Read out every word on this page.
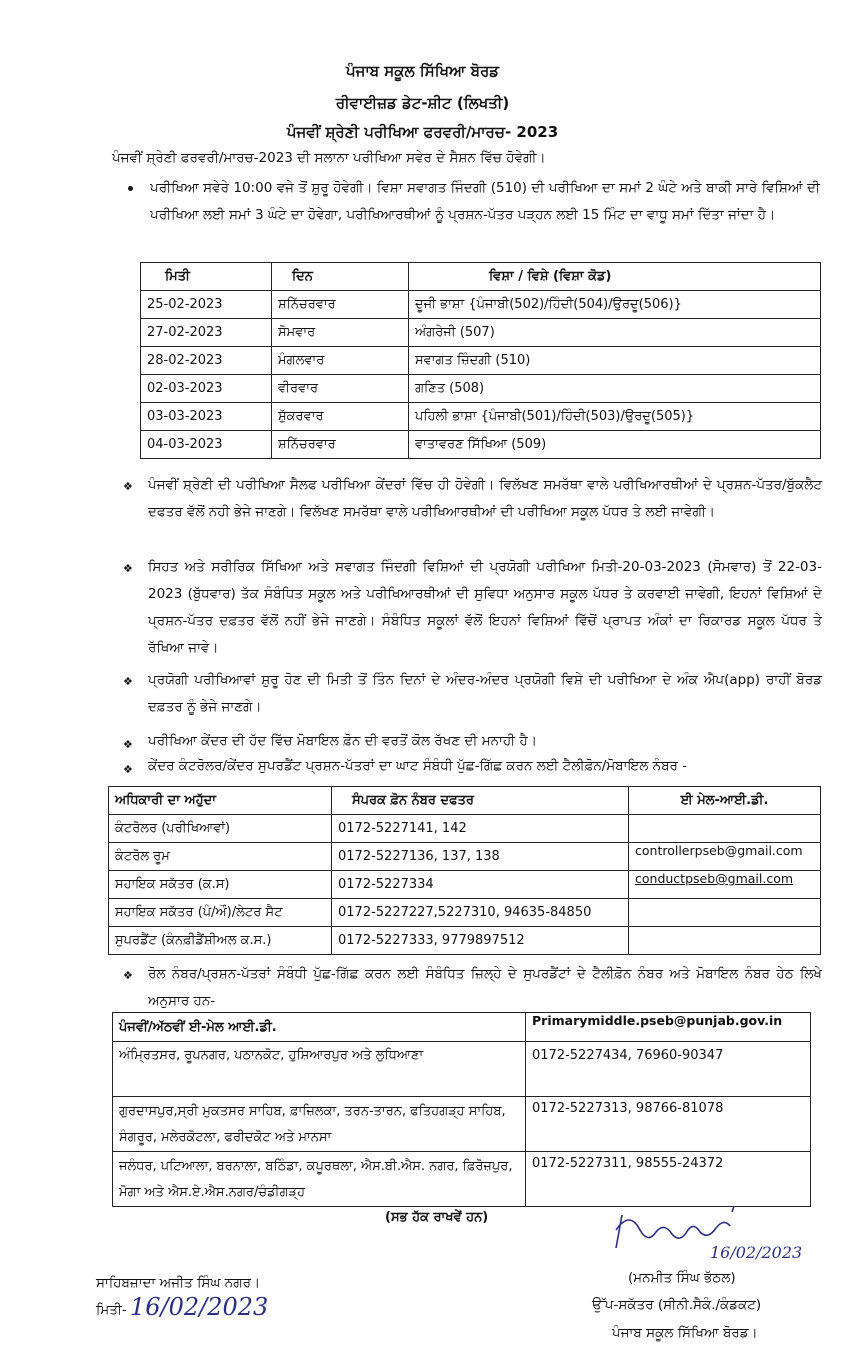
ਪੰਜਾਬ ਸਕੂਲ ਸਿੱਖਿਆ ਬੋਰਡ
ਰੀਵਾਈਜ਼ਡ ਡੇਟ-ਸ਼ੀਟ (ਲਿਖਤੀ)
ਪੰਜਵੀਂ ਸ਼੍ਰੇਣੀ ਪਰੀਖਿਆ ਫਰਵਰੀ/ਮਾਰਚ- 2023
ਪੰਜਵੀਂ ਸ਼੍ਰੇਣੀ ਫਰਵਰੀ/ਮਾਰਚ-2023 ਦੀ ਸਲਾਨਾ ਪਰੀਖਿਆ ਸਵੇਰ ਦੇ ਸੈਸ਼ਨ ਵਿੱਚ ਹੋਵੇਗੀ।
ਪਰੀਖਿਆ ਸਵੇਰੇ 10:00 ਵਜੇ ਤੋਂ ਸ਼ੁਰੂ ਹੋਵੇਗੀ। ਵਿਸ਼ਾ ਸਵਾਗਤ ਜਿੰਦਗੀ (510) ਦੀ ਪਰੀਖਿਆ ਦਾ ਸਮਾਂ 2 ਘੰਟੇ ਅਤੇ ਬਾਕੀ ਸਾਰੇ ਵਿਸ਼ਿਆਂ ਦੀ ਪਰੀਖਿਆ ਲਈ ਸਮਾਂ 3 ਘੰਟੇ ਦਾ ਹੋਵੇਗਾ, ਪਰੀਖਿਆਰਥੀਆਂ ਨੂੰ ਪ੍ਰਸ਼ਨ-ਪੱਤਰ ਪੜ੍ਹਨ ਲਈ 15 ਮਿੰਟ ਦਾ ਵਾਧੂ ਸਮਾਂ ਦਿੱਤਾ ਜਾਂਦਾ ਹੈ।
ਮਿਤੀ	ਦਿਨ	ਵਿਸ਼ਾ / ਵਿਸ਼ੇ (ਵਿਸ਼ਾ ਕੋਡ)
25-02-2023	ਸ਼ਨਿੱਚਰਵਾਰ	ਦੂਜੀ ਭਾਸ਼ਾ {ਪੰਜਾਬੀ(502)/ਹਿੰਦੀ(504)/ਉਰਦੂ(506)}
27-02-2023	ਸੋਮਵਾਰ	ਅੰਗਰੇਜੀ (507)
28-02-2023	ਮੰਗਲਵਾਰ	ਸਵਾਗਤ ਜ਼ਿੰਦਗੀ (510)
02-03-2023	ਵੀਰਵਾਰ	ਗਣਿਤ (508)
03-03-2023	ਸ਼ੁੱਕਰਵਾਰ	ਪਹਿਲੀ ਭਾਸ਼ਾ {ਪੰਜਾਬੀ(501)/ਹਿੰਦੀ(503)/ਉਰਦੂ(505)}
04-03-2023	ਸ਼ਨਿੱਚਰਵਾਰ	ਵਾਤਾਵਰਣ ਸਿੱਖਿਆ (509)
❖ ਪੰਜਵੀਂ ਸ਼੍ਰੇਣੀ ਦੀ ਪਰੀਖਿਆ ਸੈਲਫ ਪਰੀਖਿਆ ਕੇਂਦਰਾਂ ਵਿੱਚ ਹੀ ਹੋਵੇਗੀ। ਵਿਲੱਖਣ ਸਮਰੱਥਾ ਵਾਲੇ ਪਰੀਖਿਆਰਥੀਆਂ ਦੇ ਪ੍ਰਸ਼ਨ-ਪੱਤਰ/ਬੁੱਕਲੈਟ ਦਫਤਰ ਵੱਲੋਂ ਨਹੀ ਭੇਜੇ ਜਾਣਗੇ। ਵਿਲੱਖਣ ਸਮਰੱਥਾ ਵਾਲੇ ਪਰੀਖਿਆਰਥੀਆਂ ਦੀ ਪਰੀਖਿਆ ਸਕੂਲ ਪੱਧਰ ਤੇ ਲਈ ਜਾਵੇਗੀ।
❖ ਸਿਹਤ ਅਤੇ ਸਰੀਰਿਕ ਸਿੱਖਿਆ ਅਤੇ ਸਵਾਗਤ ਜਿੰਦਗੀ ਵਿਸ਼ਿਆਂ ਦੀ ਪ੍ਰਯੋਗੀ ਪਰੀਖਿਆ ਮਿਤੀ-20-03-2023 (ਸੋਮਵਾਰ) ਤੋਂ 22-03-2023 (ਬੁੱਧਵਾਰ) ਤੱਕ ਸੰਬੰਧਿਤ ਸਕੂਲ ਅਤੇ ਪਰੀਖਿਆਰਥੀਆਂ ਦੀ ਸੁਵਿਧਾ ਅਨੁਸਾਰ ਸਕੂਲ ਪੱਧਰ ਤੇ ਕਰਵਾਈ ਜਾਵੇਗੀ, ਇਹਨਾਂ ਵਿਸ਼ਿਆਂ ਦੇ ਪ੍ਰਸ਼ਨ-ਪੱਤਰ ਦਫ਼ਤਰ ਵੱਲੋਂ ਨਹੀਂ ਭੇਜੇ ਜਾਣਗੇ। ਸੰਬੰਧਿਤ ਸਕੂਲਾਂ ਵੱਲੋਂ ਇਹਨਾਂ ਵਿਸ਼ਿਆਂ ਵਿੱਚੋਂ ਪ੍ਰਾਪਤ ਅੰਕਾਂ ਦਾ ਰਿਕਾਰਡ ਸਕੂਲ ਪੱਧਰ ਤੇ ਰੱਖਿਆ ਜਾਵੇ।
❖ ਪ੍ਰਯੋਗੀ ਪਰੀਖਿਆਵਾਂ ਸ਼ੁਰੂ ਹੋਣ ਦੀ ਮਿਤੀ ਤੋਂ ਤਿੰਨ ਦਿਨਾਂ ਦੇ ਅੰਦਰ-ਅੰਦਰ ਪ੍ਰਯੋਗੀ ਵਿਸ਼ੇ ਦੀ ਪਰੀਖਿਆ ਦੇ ਅੰਕ ਐਪ(app) ਰਾਹੀਂ ਬੋਰਡ ਦਫ਼ਤਰ ਨੂੰ ਭੇਜੇ ਜਾਣਗੇ।
❖ ਪਰੀਖਿਆ ਕੇਂਦਰ ਦੀ ਹੱਦ ਵਿੱਚ ਮੋਬਾਇਲ ਫ਼ੋਨ ਦੀ ਵਰਤੋਂ ਕੋਲ ਰੱਖਣ ਦੀ ਮਨਾਹੀ ਹੈ।
❖ ਕੇਂਦਰ ਕੰਟਰੋਲਰ/ਕੇਂਦਰ ਸੁਪਰਡੈਂਟ ਪ੍ਰਸ਼ਨ-ਪੱਤਰਾਂ ਦਾ ਘਾਟ ਸੰਬੰਧੀ ਪੁੱਛ-ਗਿੱਛ ਕਰਨ ਲਈ ਟੈਲੀਫ਼ੋਨ/ਮੋਬਾਇਲ ਨੰਬਰ -
ਅਧਿਕਾਰੀ ਦਾ ਅਹੁੱਦਾ	ਸੰਪਰਕ ਫ਼ੋਨ ਨੰਬਰ ਦਫਤਰ	ਈ ਮੇਲ-ਆਈ.ਡੀ.
ਕੰਟਰੋਲਰ (ਪਰੀਖਿਆਵਾਂ)	0172-5227141, 142	
ਕੰਟਰੋਲ ਰੂਮ	0172-5227136, 137, 138	controllerpseb@gmail.com
ਸਹਾਇਕ ਸਕੱਤਰ (ਕ.ਸ)	0172-5227334	conductpseb@gmail.com
ਸਹਾਇਕ ਸਕੱਤਰ (ਪੰ/ਔ)/ਲੇਟਰ ਸੈਟ	0172-5227227,5227310, 94635-84850	
ਸੁਪਰਡੈਂਟ (ਕੰਨਫ਼ੀਡੈਂਸ਼ੀਅਲ ਕ.ਸ.)	0172-5227333, 9779897512	
❖ ਰੋਲ ਨੰਬਰ/ਪ੍ਰਸ਼ਨ-ਪੱਤਰਾਂ ਸੰਬੰਧੀ ਪੁੱਛ-ਗਿੱਛ ਕਰਨ ਲਈ ਸੰਬੰਧਿਤ ਜ਼ਿਲ੍ਹੇ ਦੇ ਸੁਪਰਡੈਂਟਾਂ ਦੇ ਟੈਲੀਫ਼ੋਨ ਨੰਬਰ ਅਤੇ ਮੋਬਾਇਲ ਨੰਬਰ ਹੇਠ ਲਿਖੇ ਅਨੁਸਾਰ ਹਨ-
ਪੰਜਵੀਂ/ਅੱਠਵੀਂ ਈ-ਮੇਲ ਆਈ.ਡੀ.	Primarymiddle.pseb@punjab.gov.in
ਅੰਮ੍ਰਿਤਸਰ, ਰੂਪਨਗਰ, ਪਠਾਨਕੋਟ, ਹੁਸ਼ਿਆਰਪੁਰ ਅਤੇ ਲੁਧਿਆਣਾ	0172-5227434, 76960-90347
ਗੁਰਦਾਸਪੁਰ,ਸ੍ਰੀ ਮੁਕਤਸਰ ਸਾਹਿਬ, ਫ਼ਾਜ਼ਿਲਕਾ, ਤਰਨ-ਤਾਰਨ, ਫਤਿਹਗੜ੍ਹ ਸਾਹਿਬ, ਸੰਗਰੂਰ, ਮਲੇਰਕੋਟਲਾ, ਫਰੀਦਕੋਟ ਅਤੇ ਮਾਨਸਾ	0172-5227313, 98766-81078
ਜਲੰਧਰ, ਪਟਿਆਲਾ, ਬਰਨਾਲਾ, ਬਠਿੰਡਾ, ਕਪੂਰਥਲਾ, ਐਸ.ਬੀ.ਐਸ. ਨਗਰ, ਫ਼ਿਰੋਜ਼ਪੁਰ, ਮੋਗਾ ਅਤੇ ਐਸ.ਏ.ਐਸ.ਨਗਰ/ਚੰਡੀਗੜ੍ਹ	0172-5227311, 98555-24372
(ਸਭ ਹੱਕ ਰਾਖਵੇਂ ਹਨ)
16/02/2023
ਸਾਹਿਬਜ਼ਾਦਾ ਅਜੀਤ ਸਿੰਘ ਨਗਰ।
ਮਿਤੀ- 16/02/2023
(ਮਨਮੀਤ ਸਿੰਘ ਭੱਠਲ)
ਉੱਪ-ਸਕੱਤਰ (ਸੀਨੀ.ਸੈਕੰ./ਕੰਡਕਟ)
ਪੰਜਾਬ ਸਕੂਲ ਸਿੱਖਿਆ ਬੋਰਡ।
